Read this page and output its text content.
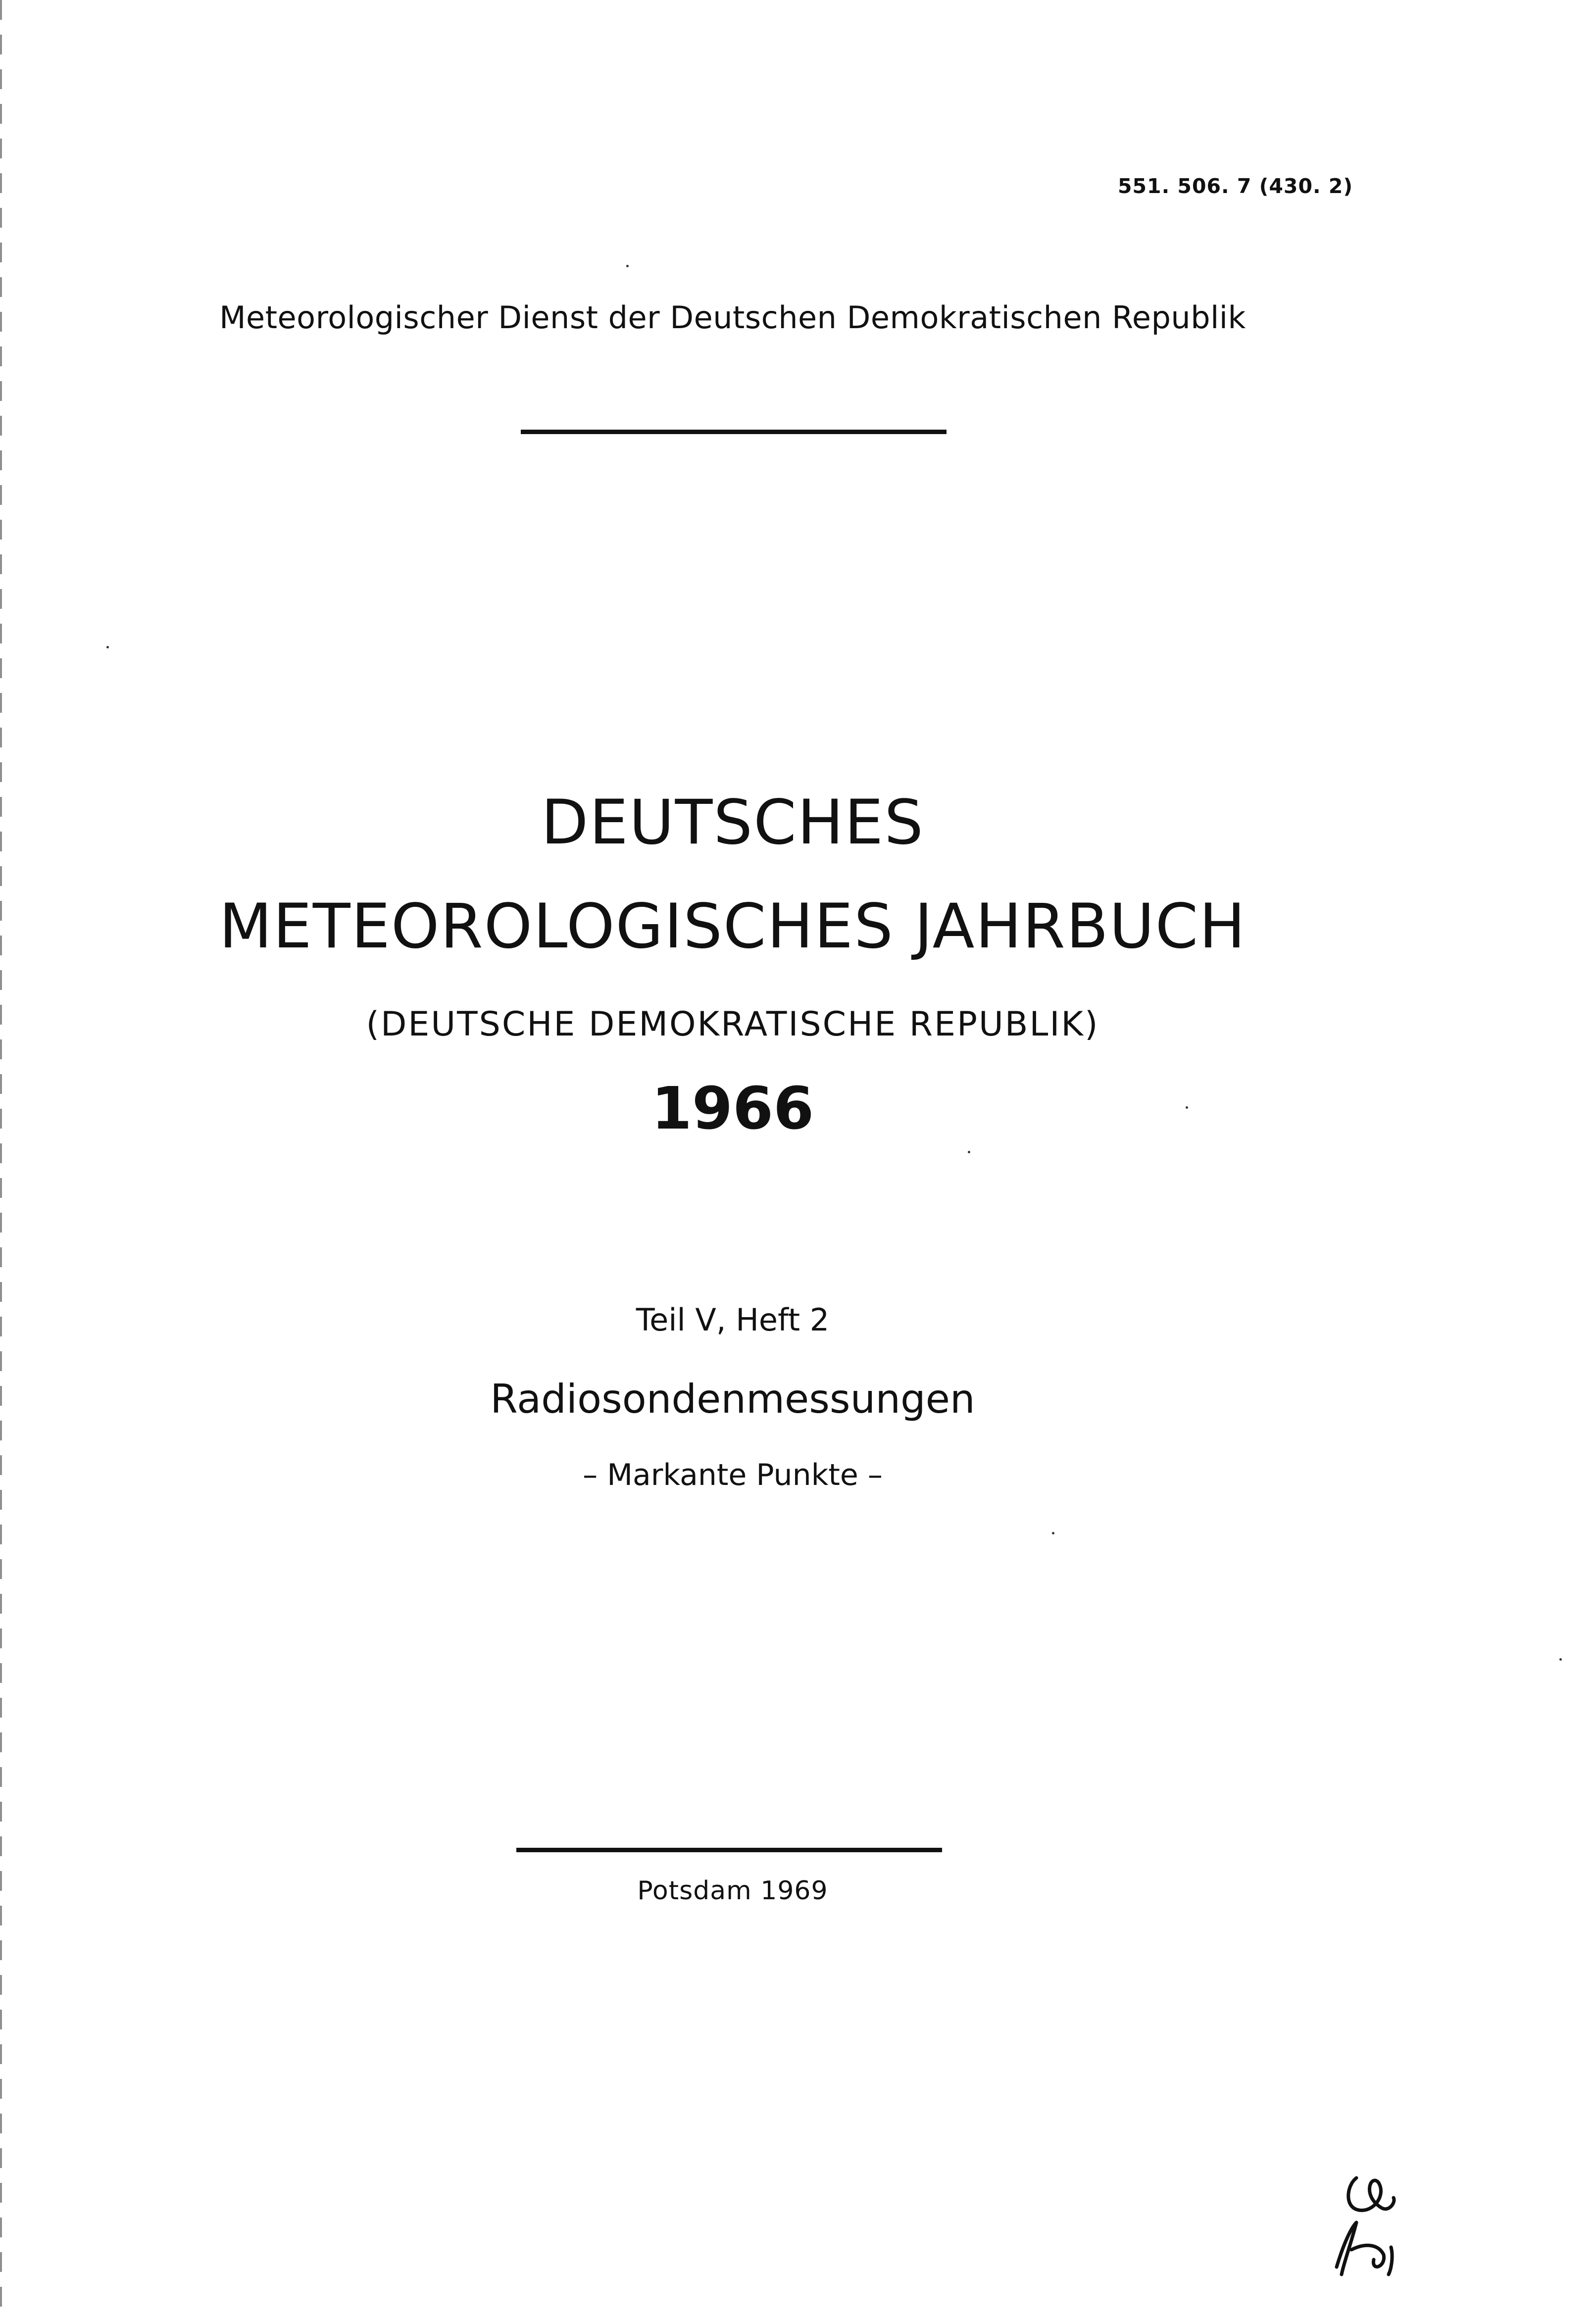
551. 506. 7 (430. 2)
Meteorologischer Dienst der Deutschen Demokratischen Republik
DEUTSCHES
METEOROLOGISCHES JAHRBUCH
(DEUTSCHE DEMOKRATISCHE REPUBLIK)
1966
Teil V, Heft 2
Radiosondenmessungen
– Markante Punkte –
Potsdam 1969
